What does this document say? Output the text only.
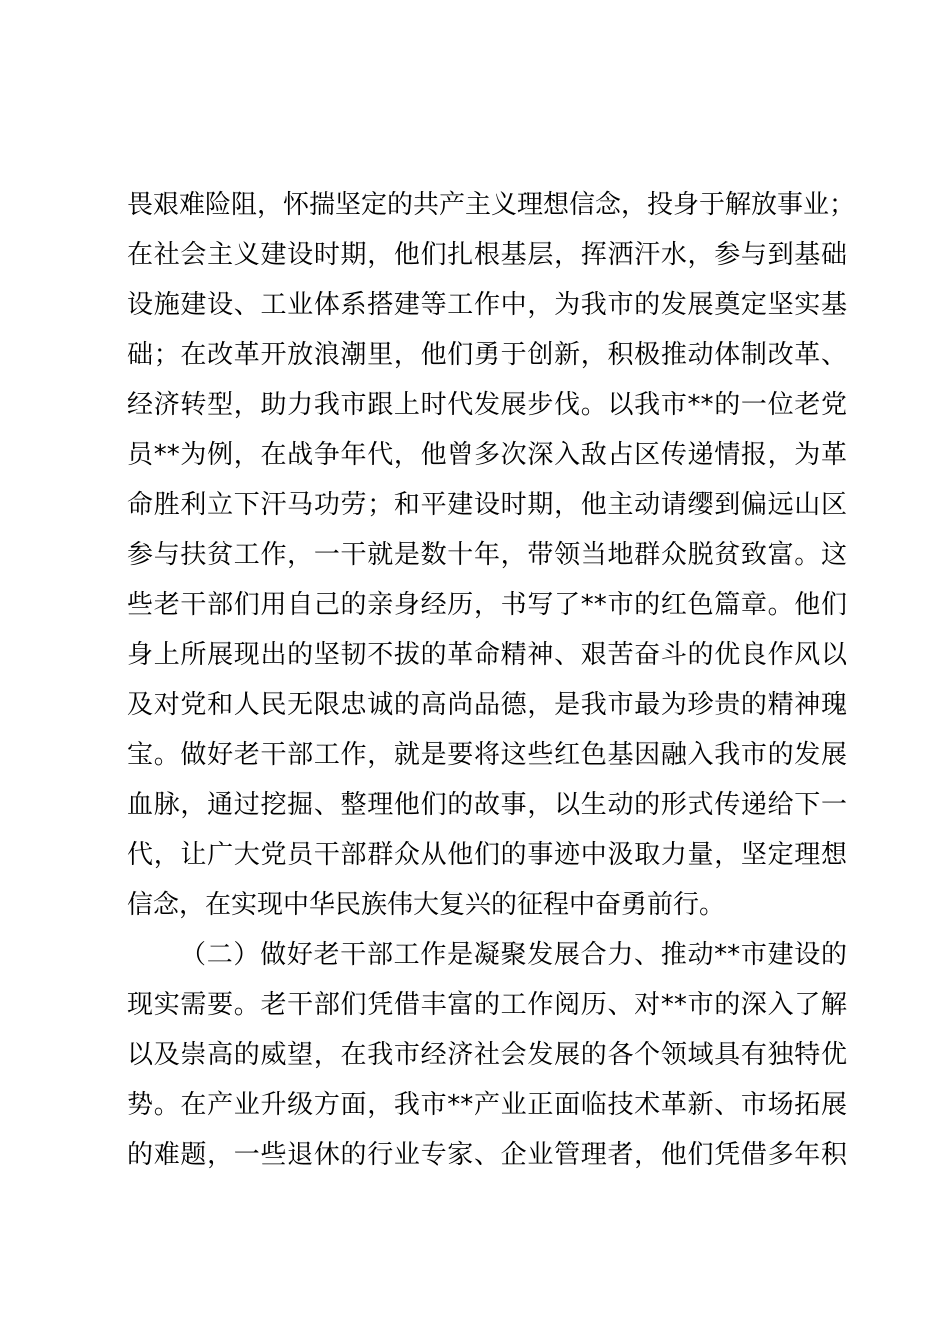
畏艰难险阻，怀揣坚定的共产主义理想信念，投身于解放事业；
在社会主义建设时期，他们扎根基层，挥洒汗水，参与到基础
设施建设、工业体系搭建等工作中，为我市的发展奠定坚实基
础；在改革开放浪潮里，他们勇于创新，积极推动体制改革、
经济转型，助力我市跟上时代发展步伐。以我市**的一位老党
员**为例，在战争年代，他曾多次深入敌占区传递情报，为革
命胜利立下汗马功劳；和平建设时期，他主动请缨到偏远山区
参与扶贫工作，一干就是数十年，带领当地群众脱贫致富。这
些老干部们用自己的亲身经历，书写了**市的红色篇章。他们
身上所展现出的坚韧不拔的革命精神、艰苦奋斗的优良作风以
及对党和人民无限忠诚的高尚品德，是我市最为珍贵的精神瑰
宝。做好老干部工作，就是要将这些红色基因融入我市的发展
血脉，通过挖掘、整理他们的故事，以生动的形式传递给下一
代，让广大党员干部群众从他们的事迹中汲取力量，坚定理想
信念，在实现中华民族伟大复兴的征程中奋勇前行。
（二）做好老干部工作是凝聚发展合力、推动**市建设的
现实需要。老干部们凭借丰富的工作阅历、对**市的深入了解
以及崇高的威望，在我市经济社会发展的各个领域具有独特优
势。在产业升级方面，我市**产业正面临技术革新、市场拓展
的难题，一些退休的行业专家、企业管理者，他们凭借多年积
